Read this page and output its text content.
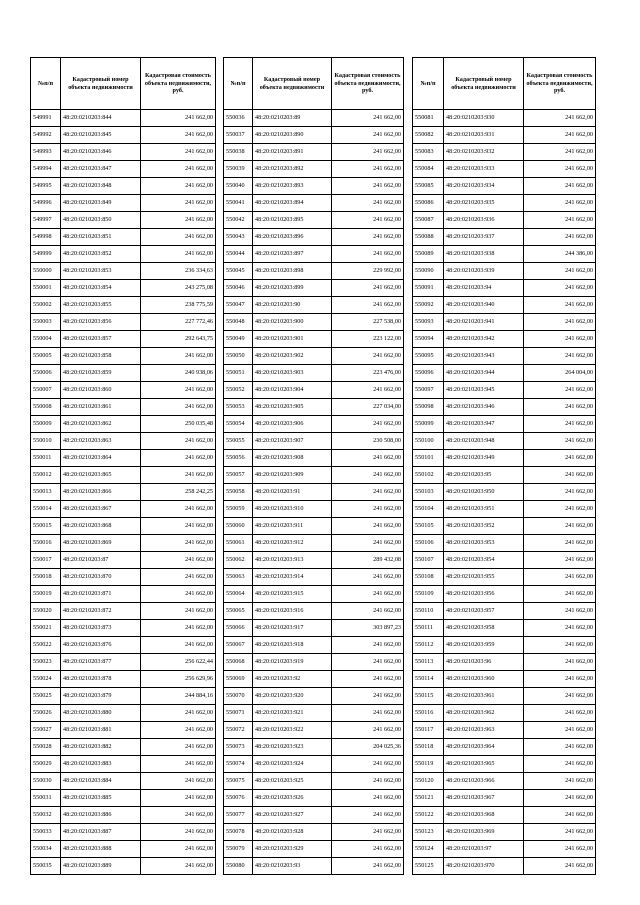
№п/п	Кадастровый номер объекта недвижимости	Кадастровая стоимость объекта недвижимости, руб.
549991	48:20:0210203:844	241 662,00
549992	48:20:0210203:845	241 662,00
549993	48:20:0210203:846	241 662,00
549994	48:20:0210203:847	241 662,00
549995	48:20:0210203:848	241 662,00
549996	48:20:0210203:849	241 662,00
549997	48:20:0210203:850	241 662,00
549998	48:20:0210203:851	241 662,00
549999	48:20:0210203:852	241 662,00
550000	48:20:0210203:853	236 334,63
550001	48:20:0210203:854	243 275,08
550002	48:20:0210203:855	238 775,59
550003	48:20:0210203:856	227 772,46
550004	48:20:0210203:857	292 643,75
550005	48:20:0210203:858	241 662,00
550006	48:20:0210203:859	240 938,06
550007	48:20:0210203:860	241 662,00
550008	48:20:0210203:861	241 662,00
550009	48:20:0210203:862	250 035,48
550010	48:20:0210203:863	241 662,00
550011	48:20:0210203:864	241 662,00
550012	48:20:0210203:865	241 662,00
550013	48:20:0210203:866	258 242,25
550014	48:20:0210203:867	241 662,00
550015	48:20:0210203:868	241 662,00
550016	48:20:0210203:869	241 662,00
550017	48:20:0210203:87	241 662,00
550018	48:20:0210203:870	241 662,00
550019	48:20:0210203:871	241 662,00
550020	48:20:0210203:872	241 662,00
550021	48:20:0210203:873	241 662,00
550022	48:20:0210203:876	241 662,00
550023	48:20:0210203:877	256 622,44
550024	48:20:0210203:878	256 629,96
550025	48:20:0210203:879	244 884,16
550026	48:20:0210203:880	241 662,00
550027	48:20:0210203:881	241 662,00
550028	48:20:0210203:882	241 662,00
550029	48:20:0210203:883	241 662,00
550030	48:20:0210203:884	241 662,00
550031	48:20:0210203:885	241 662,00
550032	48:20:0210203:886	241 662,00
550033	48:20:0210203:887	241 662,00
550034	48:20:0210203:888	241 662,00
550035	48:20:0210203:889	241 662,00
№п/п	Кадастровый номер объекта недвижимости	Кадастровая стоимость объекта недвижимости, руб.
550036	48:20:0210203:89	241 662,00
550037	48:20:0210203:890	241 662,00
550038	48:20:0210203:891	241 662,00
550039	48:20:0210203:892	241 662,00
550040	48:20:0210203:893	241 662,00
550041	48:20:0210203:894	241 662,00
550042	48:20:0210203:895	241 662,00
550043	48:20:0210203:896	241 662,00
550044	48:20:0210203:897	241 662,00
550045	48:20:0210203:898	229 992,00
550046	48:20:0210203:899	241 662,00
550047	48:20:0210203:90	241 662,00
550048	48:20:0210203:900	227 538,00
550049	48:20:0210203:901	223 122,00
550050	48:20:0210203:902	241 662,00
550051	48:20:0210203:903	223 476,00
550052	48:20:0210203:904	241 662,00
550053	48:20:0210203:905	227 034,00
550054	48:20:0210203:906	241 662,00
550055	48:20:0210203:907	230 508,00
550056	48:20:0210203:908	241 662,00
550057	48:20:0210203:909	241 662,00
550058	48:20:0210203:91	241 662,00
550059	48:20:0210203:910	241 662,00
550060	48:20:0210203:911	241 662,00
550061	48:20:0210203:912	241 662,00
550062	48:20:0210203:913	289 432,08
550063	48:20:0210203:914	241 662,00
550064	48:20:0210203:915	241 662,00
550065	48:20:0210203:916	241 662,00
550066	48:20:0210203:917	303 897,23
550067	48:20:0210203:918	241 662,00
550068	48:20:0210203:919	241 662,00
550069	48:20:0210203:92	241 662,00
550070	48:20:0210203:920	241 662,00
550071	48:20:0210203:921	241 662,00
550072	48:20:0210203:922	241 662,00
550073	48:20:0210203:923	204 025,36
550074	48:20:0210203:924	241 662,00
550075	48:20:0210203:925	241 662,00
550076	48:20:0210203:926	241 662,00
550077	48:20:0210203:927	241 662,00
550078	48:20:0210203:928	241 662,00
550079	48:20:0210203:929	241 662,00
550080	48:20:0210203:93	241 662,00
№п/п	Кадастровый номер объекта недвижимости	Кадастровая стоимость объекта недвижимости, руб.
550081	48:20:0210203:930	241 662,00
550082	48:20:0210203:931	241 662,00
550083	48:20:0210203:932	241 662,00
550084	48:20:0210203:933	241 662,00
550085	48:20:0210203:934	241 662,00
550086	48:20:0210203:935	241 662,00
550087	48:20:0210203:936	241 662,00
550088	48:20:0210203:937	241 662,00
550089	48:20:0210203:938	244 386,00
550090	48:20:0210203:939	241 662,00
550091	48:20:0210203:94	241 662,00
550092	48:20:0210203:940	241 662,00
550093	48:20:0210203:941	241 662,00
550094	48:20:0210203:942	241 662,00
550095	48:20:0210203:943	241 662,00
550096	48:20:0210203:944	264 004,00
550097	48:20:0210203:945	241 662,00
550098	48:20:0210203:946	241 662,00
550099	48:20:0210203:947	241 662,00
550100	48:20:0210203:948	241 662,00
550101	48:20:0210203:949	241 662,00
550102	48:20:0210203:95	241 662,00
550103	48:20:0210203:950	241 662,00
550104	48:20:0210203:951	241 662,00
550105	48:20:0210203:952	241 662,00
550106	48:20:0210203:953	241 662,00
550107	48:20:0210203:954	241 662,00
550108	48:20:0210203:955	241 662,00
550109	48:20:0210203:956	241 662,00
550110	48:20:0210203:957	241 662,00
550111	48:20:0210203:958	241 662,00
550112	48:20:0210203:959	241 662,00
550113	48:20:0210203:96	241 662,00
550114	48:20:0210203:960	241 662,00
550115	48:20:0210203:961	241 662,00
550116	48:20:0210203:962	241 662,00
550117	48:20:0210203:963	241 662,00
550118	48:20:0210203:964	241 662,00
550119	48:20:0210203:965	241 662,00
550120	48:20:0210203:966	241 662,00
550121	48:20:0210203:967	241 662,00
550122	48:20:0210203:968	241 662,00
550123	48:20:0210203:969	241 662,00
550124	48:20:0210203:97	241 662,00
550125	48:20:0210203:970	241 662,00
